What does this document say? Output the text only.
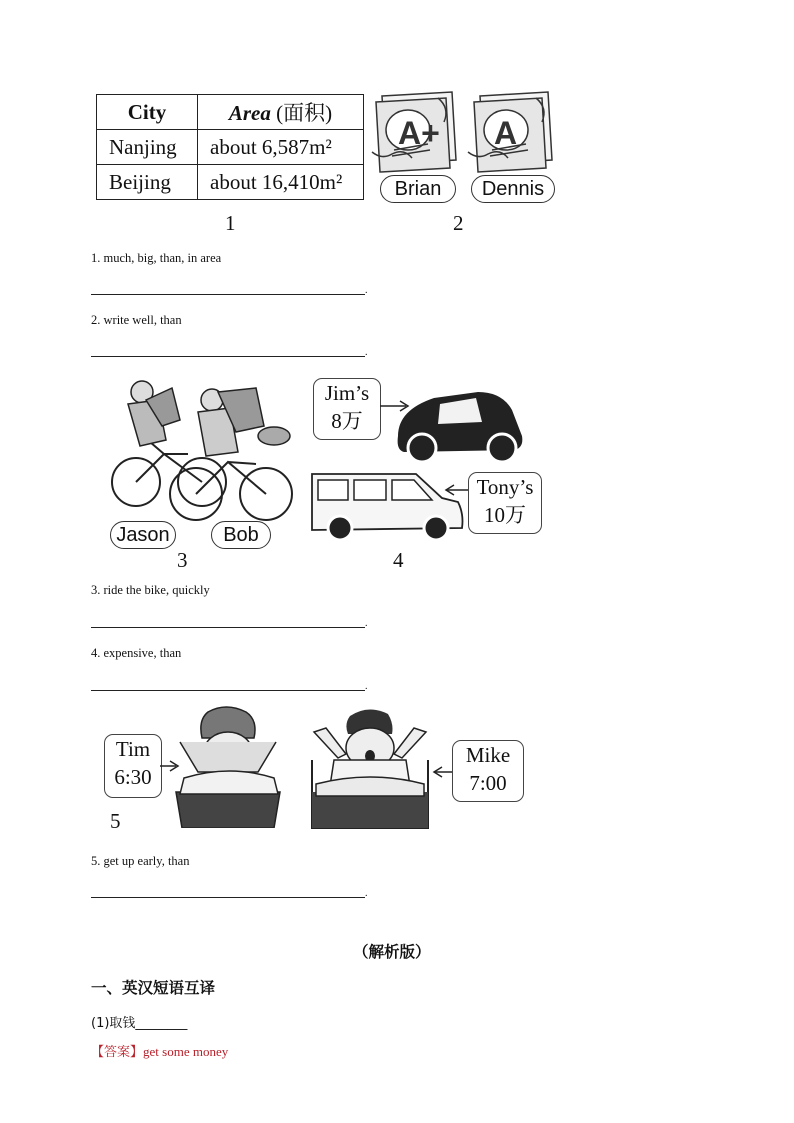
City	Area (面积)
Nanjing	about 6,587m²
Beijing	about 16,410m²
1
A+ A
Brian	Dennis
2
1. much, big, than, in area
.
2. write well, than
.
Jason	Bob
3
Jim’s
8万
Tony’s
10万
4
3. ride the bike, quickly
.
4. expensive, than
.
Tim
6:30
Mike
7:00
5
5. get up early, than
.
（解析版）
一、英汉短语互译
(1)取钱________
【答案】get some money
